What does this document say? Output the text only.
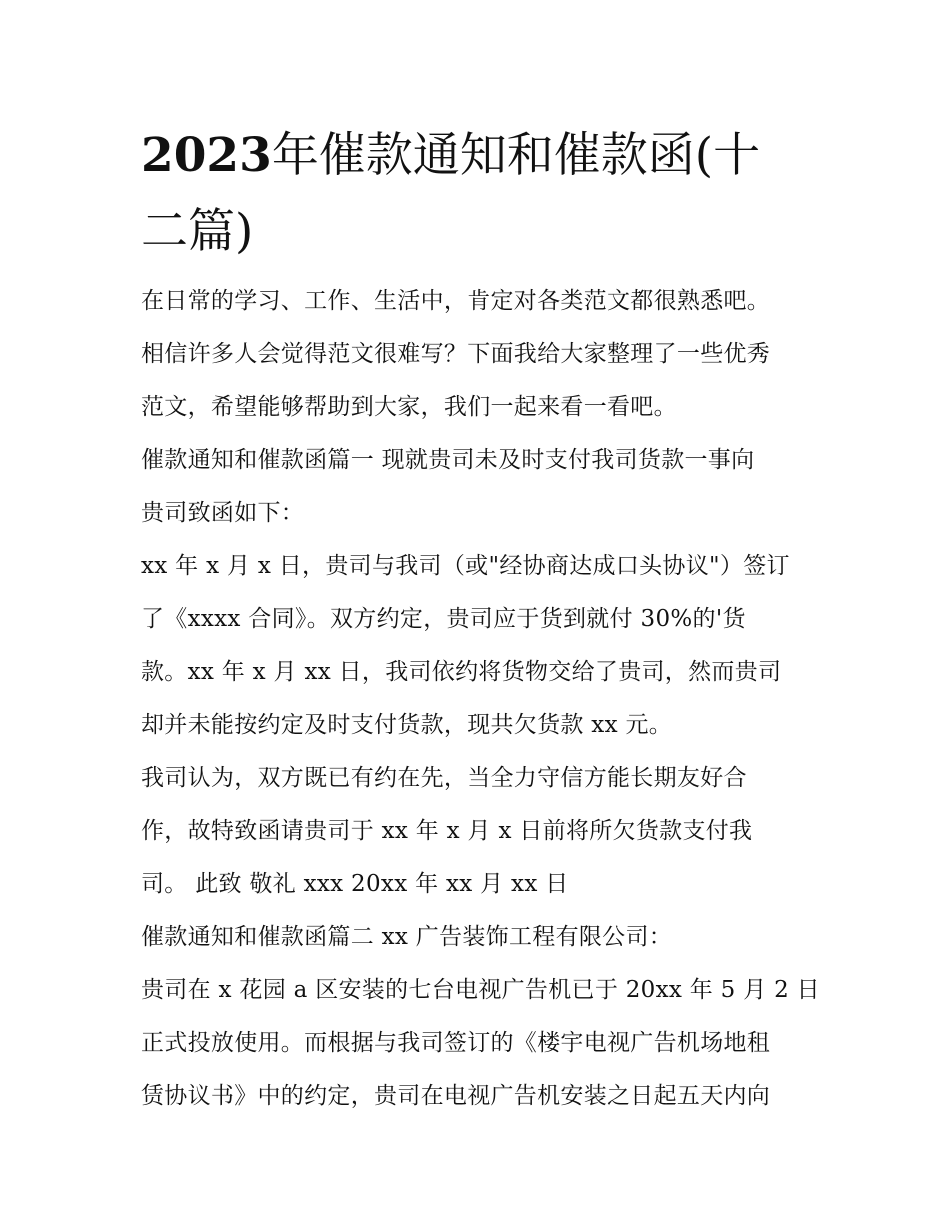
2023年催款通知和催款函(十
二篇)
在日常的学习、工作、生活中，肯定对各类范文都很熟悉吧。
相信许多人会觉得范文很难写？下面我给大家整理了一些优秀
范文，希望能够帮助到大家，我们一起来看一看吧。
催款通知和催款函篇一 现就贵司未及时支付我司货款一事向
贵司致函如下：
xx 年 x 月 x 日，贵司与我司（或"经协商达成口头协议"）签订
了《xxxx 合同》。双方约定，贵司应于货到就付 30%的'货
款。xx 年 x 月 xx 日，我司依约将货物交给了贵司，然而贵司
却并未能按约定及时支付货款，现共欠货款 xx 元。
我司认为，双方既已有约在先，当全力守信方能长期友好合
作，故特致函请贵司于 xx 年 x 月 x 日前将所欠货款支付我
司。 此致 敬礼 xxx 20xx 年 xx 月 xx 日
催款通知和催款函篇二 xx 广告装饰工程有限公司：
贵司在 x 花园 a 区安装的七台电视广告机已于 20xx 年 5 月 2 日
正式投放使用。而根据与我司签订的《楼宇电视广告机场地租
赁协议书》中的约定，贵司在电视广告机安装之日起五天内向
